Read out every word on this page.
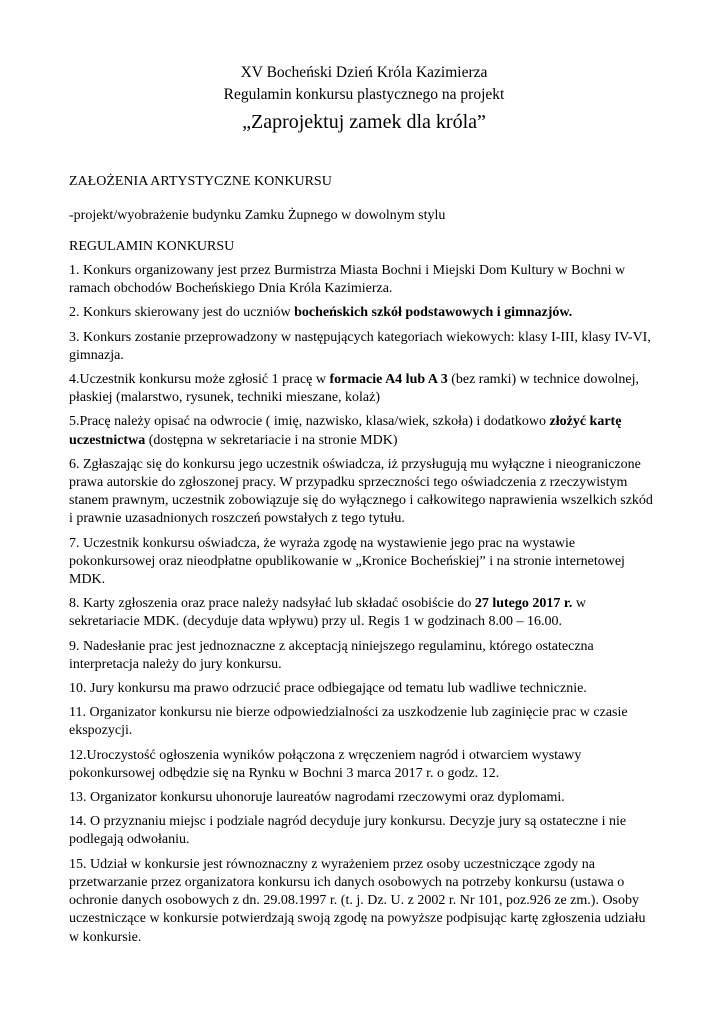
XV Bocheński Dzień Króla Kazimierza
Regulamin konkursu plastycznego na projekt
„Zaprojektuj zamek dla króla”
ZAŁOŻENIA ARTYSTYCZNE KONKURSU
-projekt/wyobrażenie budynku Zamku Żupnego w dowolnym stylu
REGULAMIN KONKURSU
1. Konkurs organizowany jest przez Burmistrza Miasta Bochni i Miejski Dom Kultury w Bochni w ramach obchodów Bocheńskiego Dnia Króla Kazimierza.
2. Konkurs skierowany jest do uczniów bocheńskich szkół podstawowych i gimnazjów.
3. Konkurs zostanie przeprowadzony w następujących kategoriach wiekowych: klasy I-III, klasy IV-VI, gimnazja.
4.Uczestnik konkursu może zgłosić 1 pracę w formacie A4 lub A 3 (bez ramki) w technice dowolnej, płaskiej (malarstwo, rysunek, techniki mieszane, kolaż)
5.Pracę należy opisać na odwrocie ( imię, nazwisko, klasa/wiek, szkoła) i dodatkowo złożyć kartę uczestnictwa (dostępna w sekretariacie i na stronie MDK)
6. Zgłaszając się do konkursu jego uczestnik oświadcza, iż przysługują mu wyłączne i nieograniczone prawa autorskie do zgłoszonej pracy. W przypadku sprzeczności tego oświadczenia z rzeczywistym stanem prawnym, uczestnik zobowiązuje się do wyłącznego i całkowitego naprawienia wszelkich szkód i prawnie uzasadnionych roszczeń powstałych z tego tytułu.
7. Uczestnik konkursu oświadcza, że wyraża zgodę na wystawienie jego prac na wystawie pokonkursowej oraz nieodpłatne opublikowanie w „Kronice Bocheńskiej” i na stronie internetowej MDK.
8. Karty zgłoszenia oraz prace należy nadsyłać lub składać osobiście do 27 lutego 2017 r. w sekretariacie MDK. (decyduje data wpływu) przy ul. Regis 1 w godzinach 8.00 – 16.00.
9. Nadesłanie prac jest jednoznaczne z akceptacją niniejszego regulaminu, którego ostateczna interpretacja należy do jury konkursu.
10. Jury konkursu ma prawo odrzucić prace odbiegające od tematu lub wadliwe technicznie.
11. Organizator konkursu nie bierze odpowiedzialności za uszkodzenie lub zaginięcie prac w czasie ekspozycji.
12.Uroczystość ogłoszenia wyników połączona z wręczeniem nagród i otwarciem wystawy pokonkursowej odbędzie się na Rynku w Bochni 3 marca 2017 r. o godz. 12.
13. Organizator konkursu uhonoruje laureatów nagrodami rzeczowymi oraz dyplomami.
14. O przyznaniu miejsc i podziale nagród decyduje jury konkursu. Decyzje jury są ostateczne i nie podlegają odwołaniu.
15. Udział w konkursie jest równoznaczny z wyrażeniem przez osoby uczestniczące zgody na przetwarzanie przez organizatora konkursu ich danych osobowych na potrzeby konkursu (ustawa o ochronie danych osobowych z dn. 29.08.1997 r. (t. j. Dz. U. z 2002 r. Nr 101, poz.926 ze zm.). Osoby uczestniczące w konkursie potwierdzają swoją zgodę na powyższe podpisując kartę zgłoszenia udziału w konkursie.
